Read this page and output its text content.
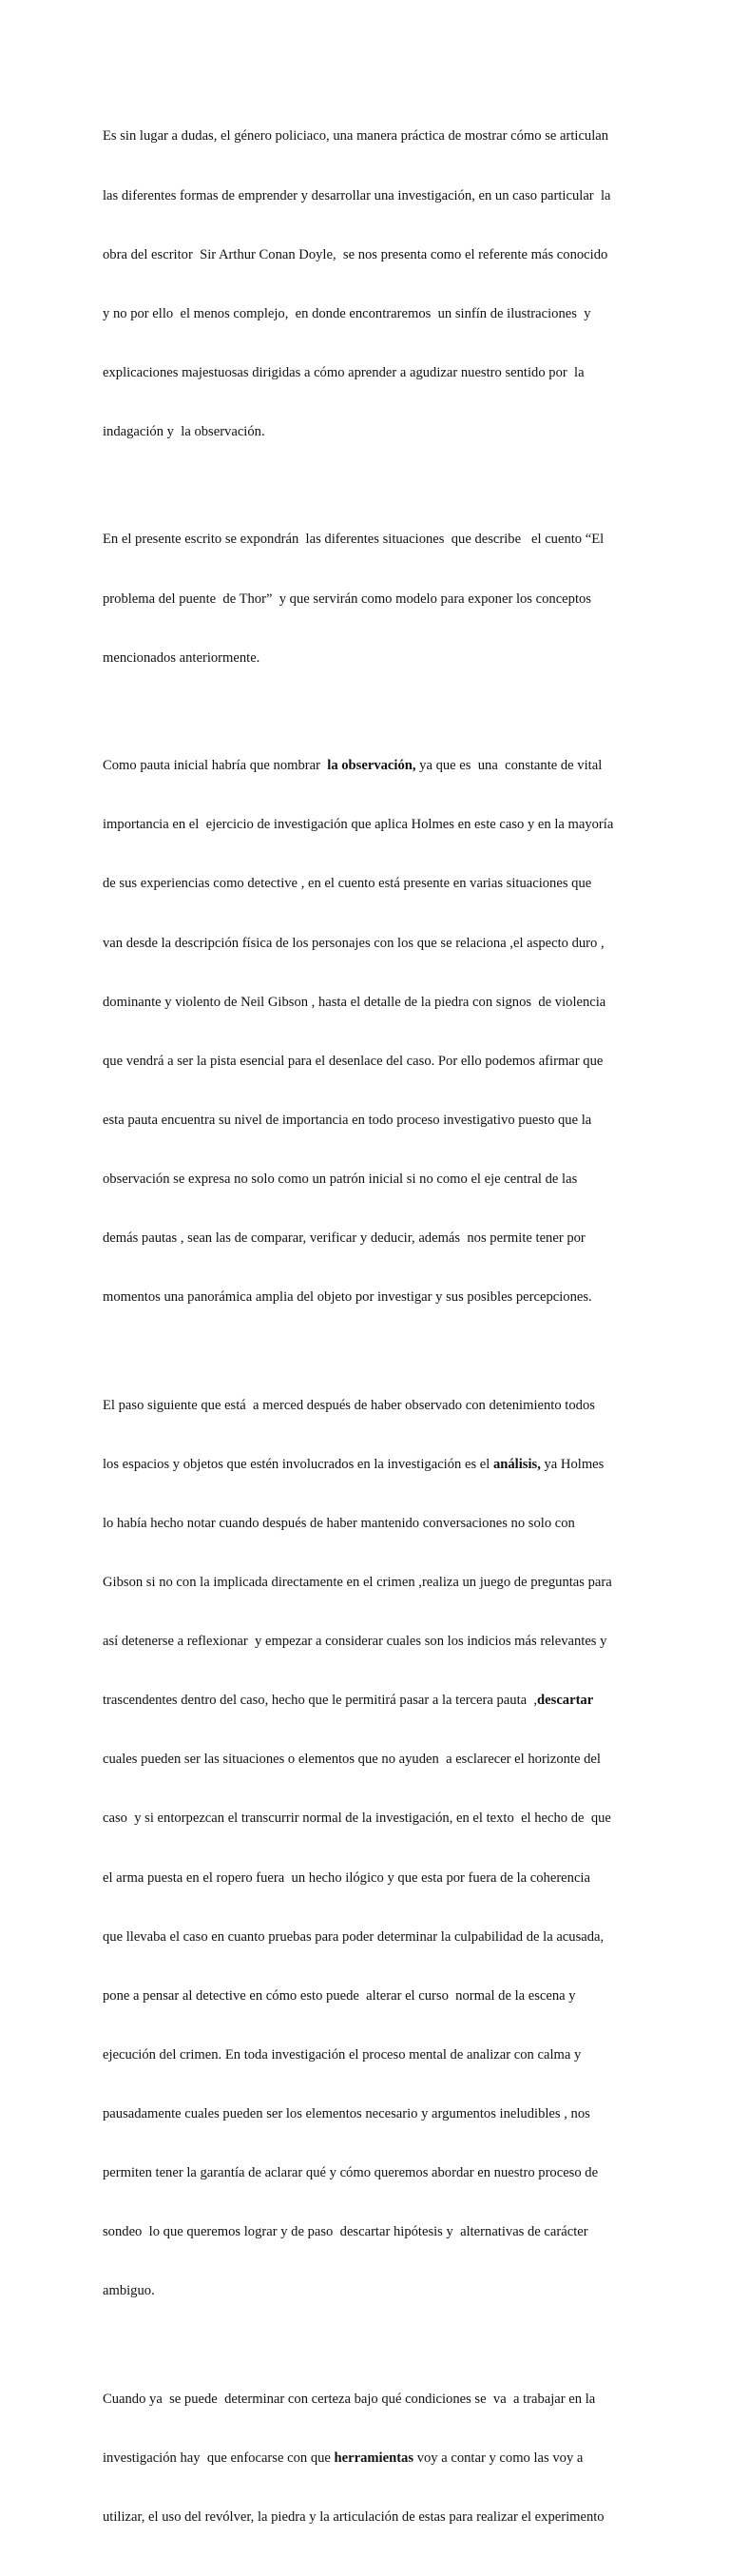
Es sin lugar a dudas, el género policiaco, una manera práctica de mostrar cómo se articulan

las diferentes formas de emprender y desarrollar una investigación, en un caso particular  la

obra del escritor  Sir Arthur Conan Doyle,  se nos presenta como el referente más conocido

y no por ello  el menos complejo,  en donde encontraremos  un sinfín de ilustraciones  y

explicaciones majestuosas dirigidas a cómo aprender a agudizar nuestro sentido por  la

indagación y  la observación.

En el presente escrito se expondrán  las diferentes situaciones  que describe   el cuento “El

problema del puente  de Thor”  y que servirán como modelo para exponer los conceptos

mencionados anteriormente.

Como pauta inicial habría que nombrar  la observación, ya que es  una  constante de vital

importancia en el  ejercicio de investigación que aplica Holmes en este caso y en la mayoría

de sus experiencias como detective , en el cuento está presente en varias situaciones que

van desde la descripción física de los personajes con los que se relaciona ,el aspecto duro ,

dominante y violento de Neil Gibson , hasta el detalle de la piedra con signos  de violencia

que vendrá a ser la pista esencial para el desenlace del caso. Por ello podemos afirmar que

esta pauta encuentra su nivel de importancia en todo proceso investigativo puesto que la

observación se expresa no solo como un patrón inicial si no como el eje central de las

demás pautas , sean las de comparar, verificar y deducir, además  nos permite tener por

momentos una panorámica amplia del objeto por investigar y sus posibles percepciones.

El paso siguiente que está  a merced después de haber observado con detenimiento todos

los espacios y objetos que estén involucrados en la investigación es el análisis, ya Holmes

lo había hecho notar cuando después de haber mantenido conversaciones no solo con

Gibson si no con la implicada directamente en el crimen ,realiza un juego de preguntas para

así detenerse a reflexionar  y empezar a considerar cuales son los indicios más relevantes y

trascendentes dentro del caso, hecho que le permitirá pasar a la tercera pauta  ,descartar

cuales pueden ser las situaciones o elementos que no ayuden  a esclarecer el horizonte del

caso  y si entorpezcan el transcurrir normal de la investigación, en el texto  el hecho de  que

el arma puesta en el ropero fuera  un hecho ilógico y que esta por fuera de la coherencia

que llevaba el caso en cuanto pruebas para poder determinar la culpabilidad de la acusada,

pone a pensar al detective en cómo esto puede  alterar el curso  normal de la escena y

ejecución del crimen. En toda investigación el proceso mental de analizar con calma y

pausadamente cuales pueden ser los elementos necesario y argumentos ineludibles , nos

permiten tener la garantía de aclarar qué y cómo queremos abordar en nuestro proceso de

sondeo  lo que queremos lograr y de paso  descartar hipótesis y  alternativas de carácter

ambiguo.

Cuando ya  se puede  determinar con certeza bajo qué condiciones se  va  a trabajar en la

investigación hay  que enfocarse con que herramientas voy a contar y como las voy a

utilizar, el uso del revólver, la piedra y la articulación de estas para realizar el experimento
